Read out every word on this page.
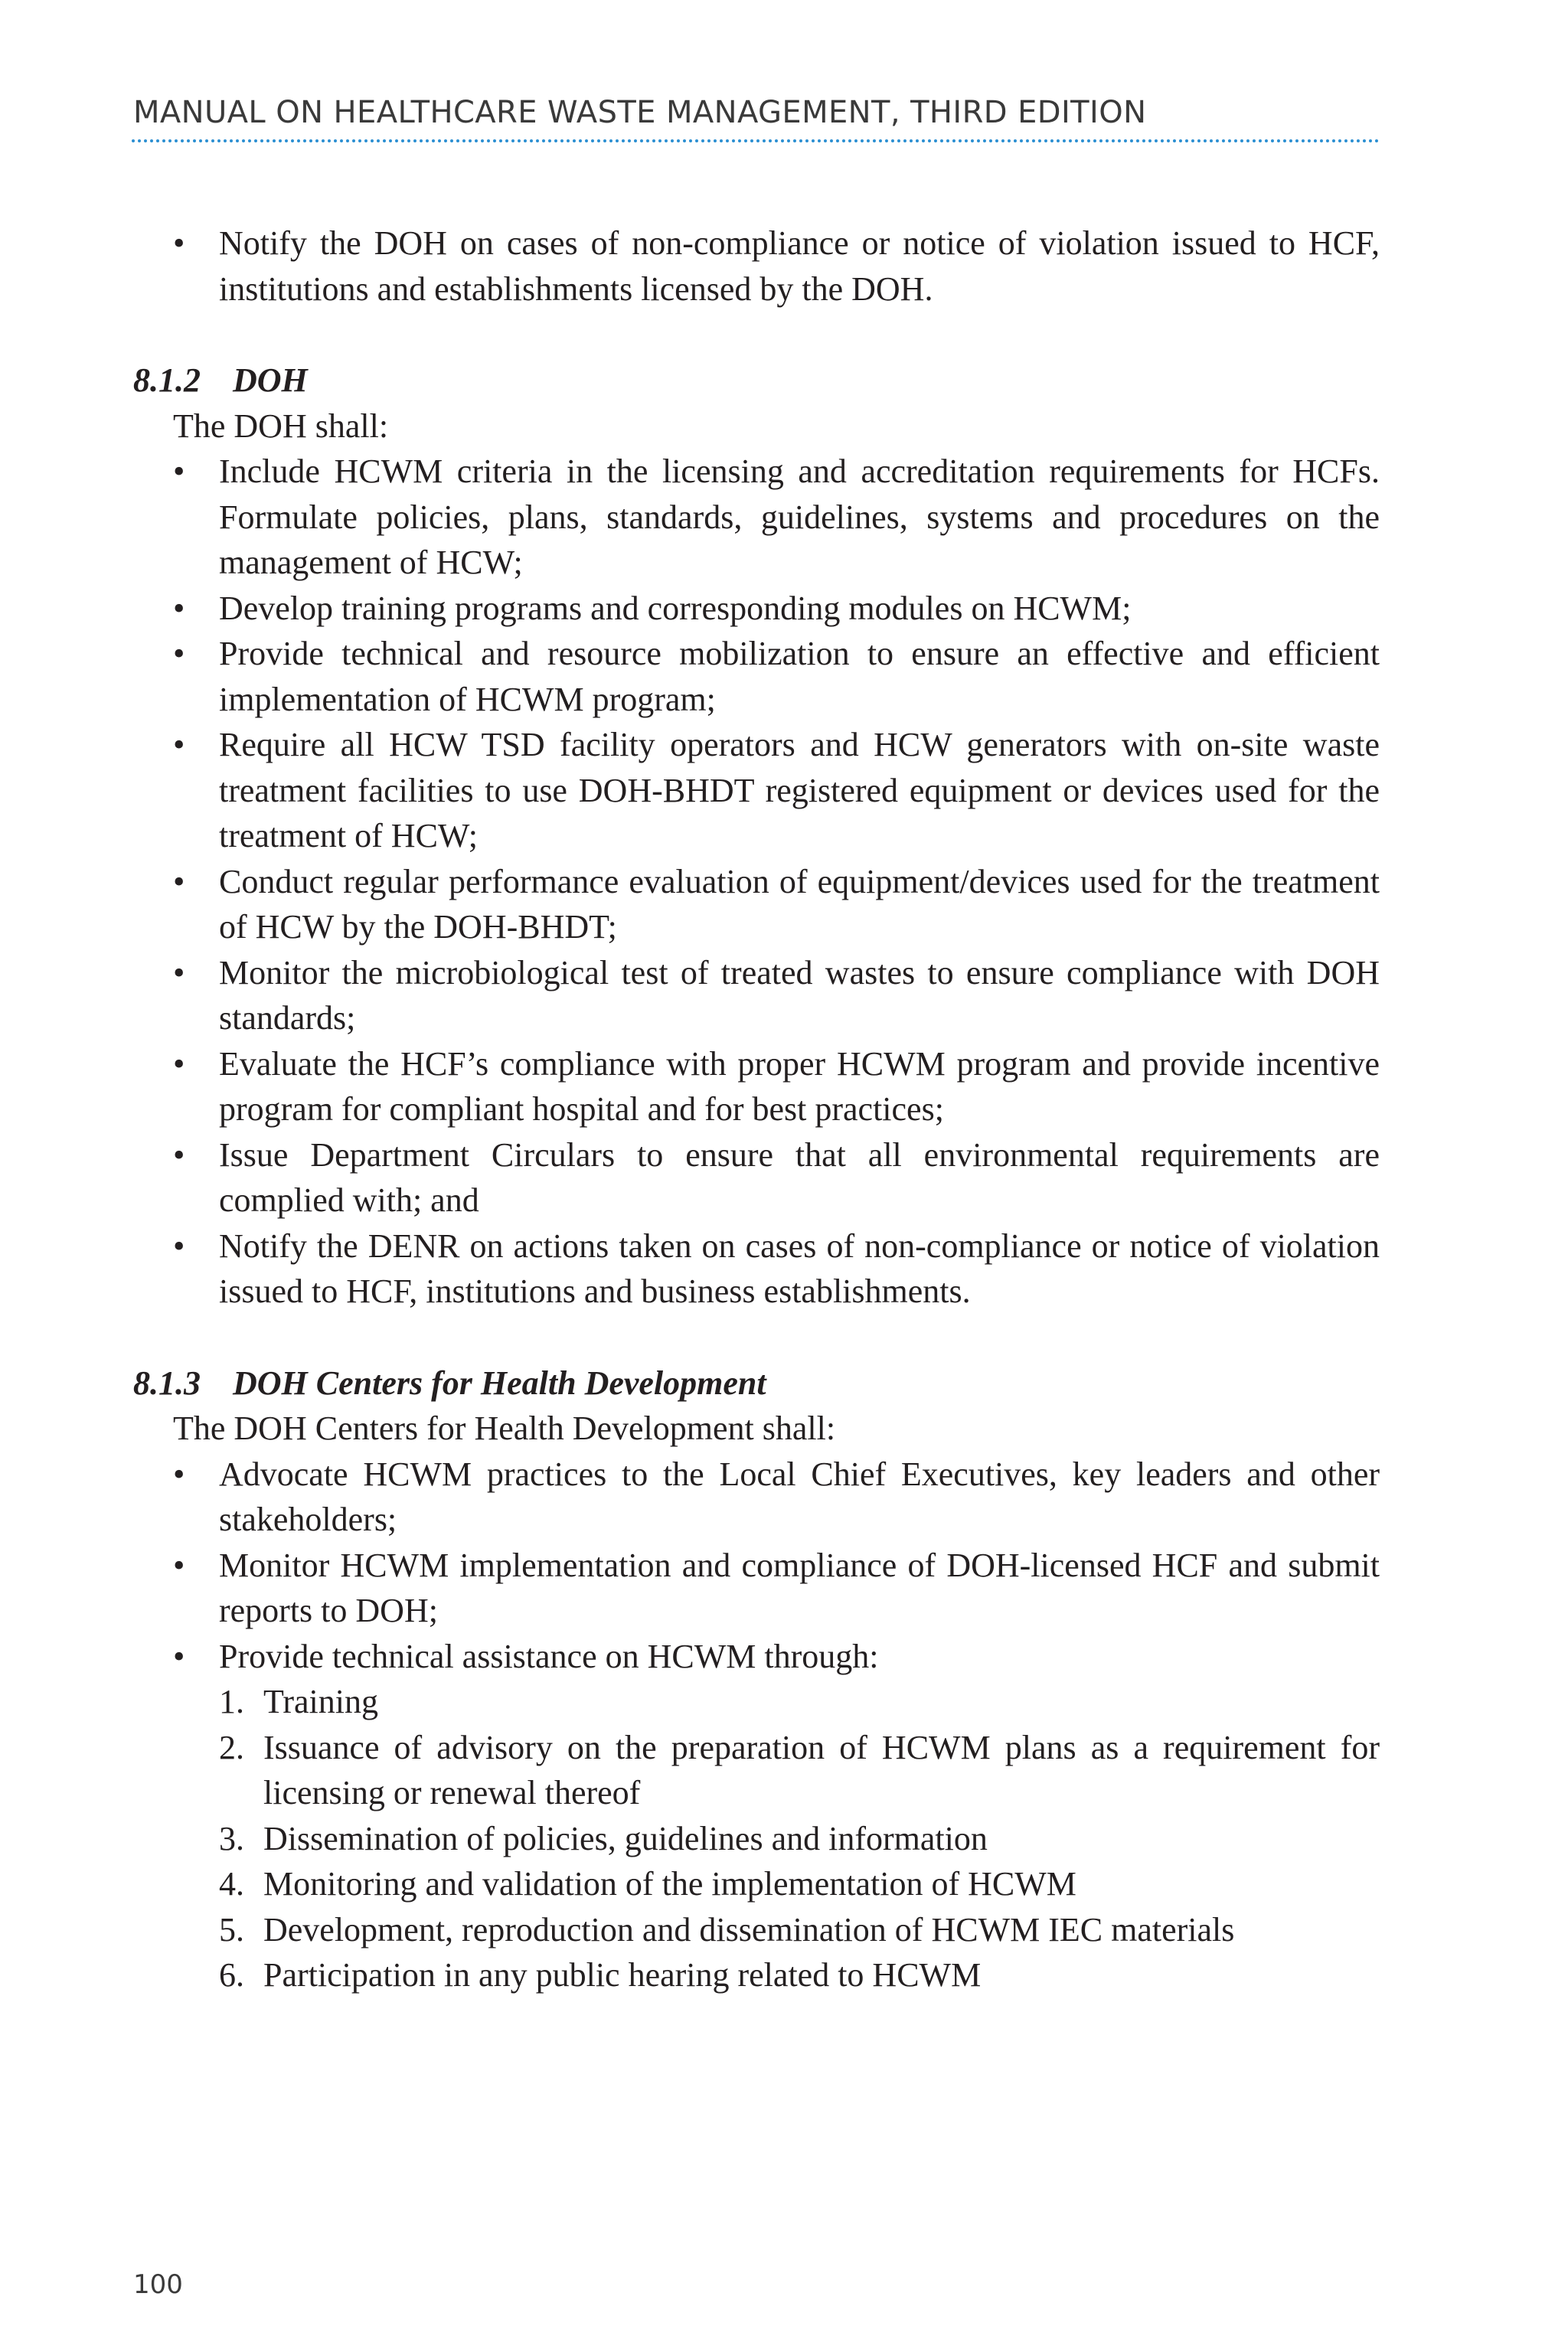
MANUAL ON HEALTHCARE WASTE MANAGEMENT, THIRD EDITION
• Notify the DOH on cases of non-compliance or notice of violation issued to HCF, institutions and establishments licensed by the DOH.
8.1.2 DOH

The DOH shall:

• Include HCWM criteria in the licensing and accreditation requirements for HCFs. Formulate policies, plans, standards, guidelines, systems and procedures on the management of HCW;
• Develop training programs and corresponding modules on HCWM;
• Provide technical and resource mobilization to ensure an effective and efficient implementation of HCWM program;
• Require all HCW TSD facility operators and HCW generators with on-site waste treatment facilities to use DOH-BHDT registered equipment or devices used for the treatment of HCW;
• Conduct regular performance evaluation of equipment/devices used for the treatment of HCW by the DOH-BHDT;
• Monitor the microbiological test of treated wastes to ensure compliance with DOH standards;
• Evaluate the HCF’s compliance with proper HCWM program and provide incentive program for compliant hospital and for best practices;
• Issue Department Circulars to ensure that all environmental requirements are complied with; and
• Notify the DENR on actions taken on cases of non-compliance or notice of violation issued to HCF, institutions and business establishments.
8.1.3 DOH Centers for Health Development

The DOH Centers for Health Development shall:

• Advocate HCWM practices to the Local Chief Executives, key leaders and other stakeholders;
• Monitor HCWM implementation and compliance of DOH-licensed HCF and submit reports to DOH;
• Provide technical assistance on HCWM through:
1. Training
2. Issuance of advisory on the preparation of HCWM plans as a requirement for licensing or renewal thereof
3. Dissemination of policies, guidelines and information
4. Monitoring and validation of the implementation of HCWM
5. Development, reproduction and dissemination of HCWM IEC materials
6. Participation in any public hearing related to HCWM
100
